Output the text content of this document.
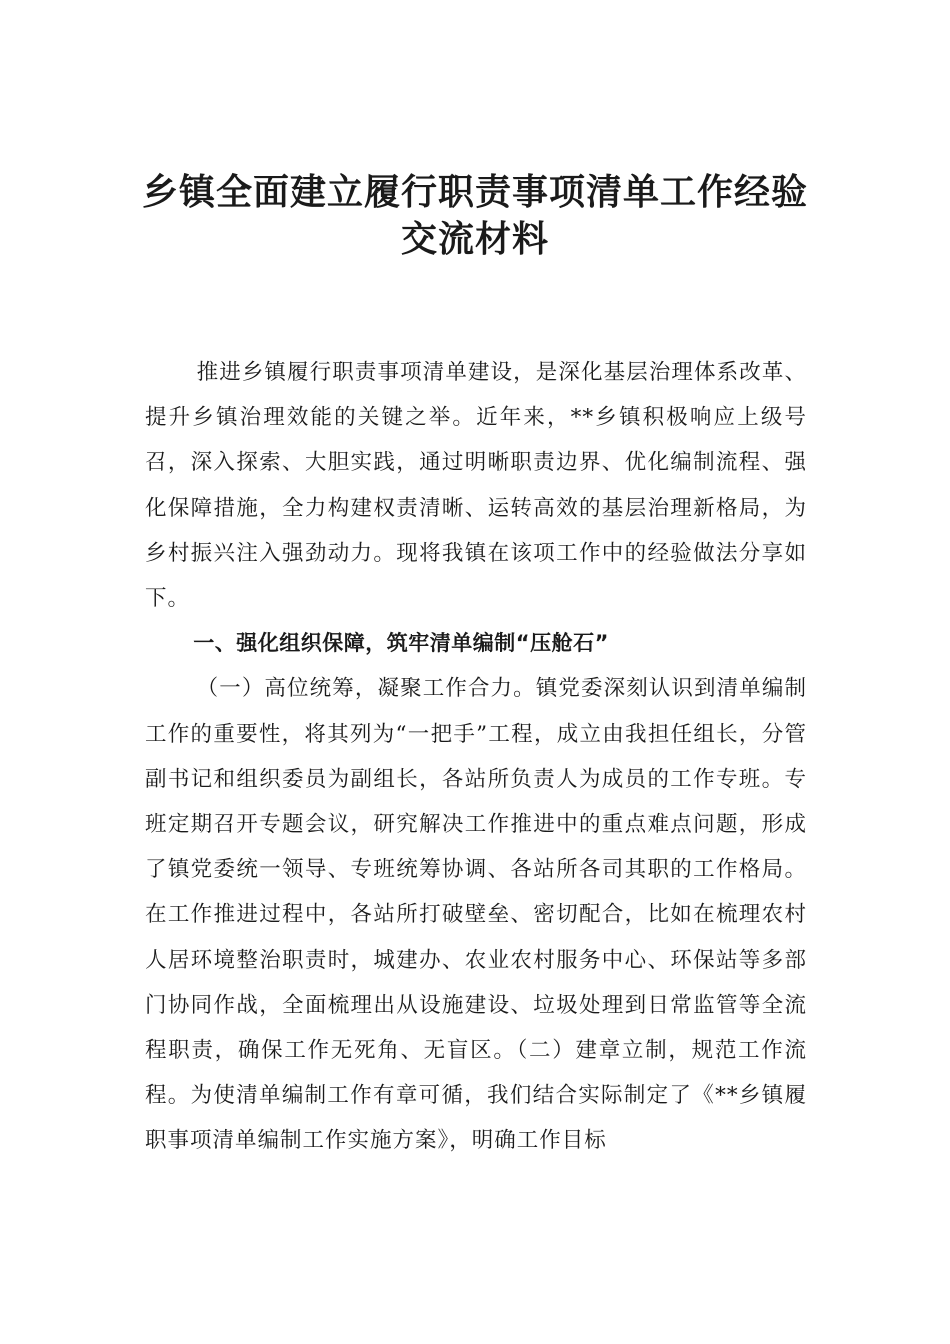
乡镇全面建立履行职责事项清单工作经验
交流材料

推进乡镇履行职责事项清单建设，是深化基层治理体系改革、提升乡镇治理效能的关键之举。近年来，**乡镇积极响应上级号召，深入探索、大胆实践，通过明晰职责边界、优化编制流程、强化保障措施，全力构建权责清晰、运转高效的基层治理新格局，为乡村振兴注入强劲动力。现将我镇在该项工作中的经验做法分享如下。

一、强化组织保障，筑牢清单编制“压舱石”

（一）高位统筹，凝聚工作合力。镇党委深刻认识到清单编制工作的重要性，将其列为“一把手”工程，成立由我担任组长，分管副书记和组织委员为副组长，各站所负责人为成员的工作专班。专班定期召开专题会议，研究解决工作推进中的重点难点问题，形成了镇党委统一领导、专班统筹协调、各站所各司其职的工作格局。在工作推进过程中，各站所打破壁垒、密切配合，比如在梳理农村人居环境整治职责时，城建办、农业农村服务中心、环保站等多部门协同作战，全面梳理出从设施建设、垃圾处理到日常监管等全流程职责，确保工作无死角、无盲区。（二）建章立制，规范工作流程。为使清单编制工作有章可循，我们结合实际制定了《**乡镇履职事项清单编制工作实施方案》，明确工作目标
